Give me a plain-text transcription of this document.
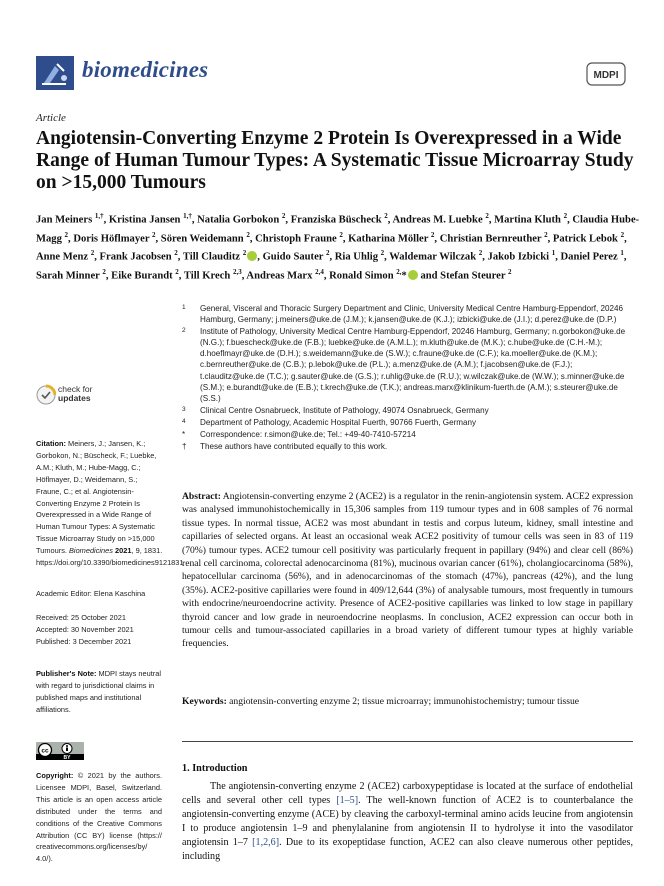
biomedicines	MDPI
Article
Angiotensin-Converting Enzyme 2 Protein Is Overexpressed in a Wide Range of Human Tumour Types: A Systematic Tissue Microarray Study on >15,000 Tumours
Jan Meiners $^{1,\dagger}$, Kristina Jansen $^{1,\dagger}$, Natalia Gorbokon $^2$, Franziska Büscheck $^2$, Andreas M. Luebke $^2$, Martina Kluth $^2$, Claudia Hube-Magg $^2$, Doris Höflmayer $^2$, Sören Weidemann $^2$, Christoph Fraune $^2$, Katharina Möller $^2$, Christian Bernreuther $^2$, Patrick Lebok $^2$, Anne Menz $^2$, Frank Jacobsen $^2$, Till Clauditz $^2$ , Guido Sauter $^2$, Ria Uhlig $^2$, Waldemar Wilczak $^2$, Jakob Izbicki $^1$, Daniel Perez $^1$, Sarah Minner $^2$, Eike Burandt $^2$, Till Krech $^{2,3}$, Andreas Marx $^{2,4}$, Ronald Simon $^{2,}$* and Stefan Steurer $^2$
1 General, Visceral and Thoracic Surgery Department and Clinic, University Medical Centre Hamburg-Eppendorf, 20246 Hamburg, Germany; j.meiners@uke.de (J.M.); k.jansen@uke.de (K.J.); izbicki@uke.de (J.I.); d.perez@uke.de (D.P.)
2 Institute of Pathology, University Medical Centre Hamburg-Eppendorf, 20246 Hamburg, Germany; n.gorbokon@uke.de (N.G.); f.buescheck@uke.de (F.B.); luebke@uke.de (A.M.L.); m.kluth@uke.de (M.K.); c.hube@uke.de (C.H.-M.); d.hoeflmayr@uke.de (D.H.); s.weidemann@uke.de (S.W.); c.fraune@uke.de (C.F.); ka.moeller@uke.de (K.M.); c.bernreuther@uke.de (C.B.); p.lebok@uke.de (P.L.); a.menz@uke.de (A.M.); f.jacobsen@uke.de (F.J.); t.clauditz@uke.de (T.C.); g.sauter@uke.de (G.S.); r.uhlig@uke.de (R.U.); w.wilczak@uke.de (W.W.); s.minner@uke.de (S.M.); e.burandt@uke.de (E.B.); t.krech@uke.de (T.K.); andreas.marx@klinikum-fuerth.de (A.M.); s.steurer@uke.de (S.S.)
3 Clinical Centre Osnabrueck, Institute of Pathology, 49074 Osnabrueck, Germany
4 Department of Pathology, Academic Hospital Fuerth, 90766 Fuerth, Germany
* Correspondence: r.simon@uke.de; Tel.: +49-40-7410-57214
† These authors have contributed equally to this work.
check for
updates
Citation: Meiners, J.; Jansen, K.; Gorbokon, N.; Büscheck, F.; Luebke, A.M.; Kluth, M.; Hube-Magg, C.; Höflmayer, D.; Weidemann, S.; Fraune, C.; et al. Angiotensin-Converting Enzyme 2 Protein Is Overexpressed in a Wide Range of Human Tumour Types: A Systematic Tissue Microarray Study on >15,000 Tumours. Biomedicines 2021, 9, 1831. https://doi.org/10.3390/biomedicines9121831
Academic Editor: Elena Kaschina
Received: 25 October 2021
Accepted: 30 November 2021
Published: 3 December 2021
Publisher's Note: MDPI stays neutral with regard to jurisdictional claims in published maps and institutional affiliations.
cc
BY
Copyright: © 2021 by the authors. Licensee MDPI, Basel, Switzerland. This article is an open access article distributed under the terms and conditions of the Creative Commons Attribution (CC BY) license (https:// creativecommons.org/licenses/by/ 4.0/).
Abstract: Angiotensin-converting enzyme 2 (ACE2) is a regulator in the renin-angiotensin system. ACE2 expression was analysed immunohistochemically in 15,306 samples from 119 tumour types and in 608 samples of 76 normal tissue types. In normal tissue, ACE2 was most abundant in testis and corpus luteum, kidney, small intestine and capillaries of selected organs. At least an occasional weak ACE2 positivity of tumour cells was seen in 83 of 119 (70%) tumour types. ACE2 tumour cell positivity was particularly frequent in papillary (94%) and clear cell (86%) renal cell carcinoma, colorectal adenocarcinoma (81%), mucinous ovarian cancer (61%), cholangiocarcinoma (58%), hepatocellular carcinoma (56%), and in adenocarcinomas of the stomach (47%), pancreas (42%), and the lung (35%). ACE2-positive capillaries were found in 409/12,644 (3%) of analysable tumours, most frequently in tumours with endocrine/neuroendocrine activity. Presence of ACE2-positive capillaries was linked to low stage in papillary thyroid cancer and low grade in neuroendocrine neoplasms. In conclusion, ACE2 expression can occur both in tumour cells and tumour-associated capillaries in a broad variety of different tumour types at highly variable frequencies.
Keywords: angiotensin-converting enzyme 2; tissue microarray; immunohistochemistry; tumour tissue
1. Introduction
The angiotensin-converting enzyme 2 (ACE2) carboxypeptidase is located at the surface of endothelial cells and several other cell types [1–5]. The well-known function of ACE2 is to counterbalance the angiotensin-converting enzyme (ACE) by cleaving the carboxyl-terminal amino acids leucine from angiotensin I to produce angiotensin 1–9 and phenylalanine from angiotensin II to hydrolyse it into the vasodilator angiotensin 1–7 [1,2,6]. Due to its exopeptidase function, ACE2 can also cleave numerous other peptides, including
